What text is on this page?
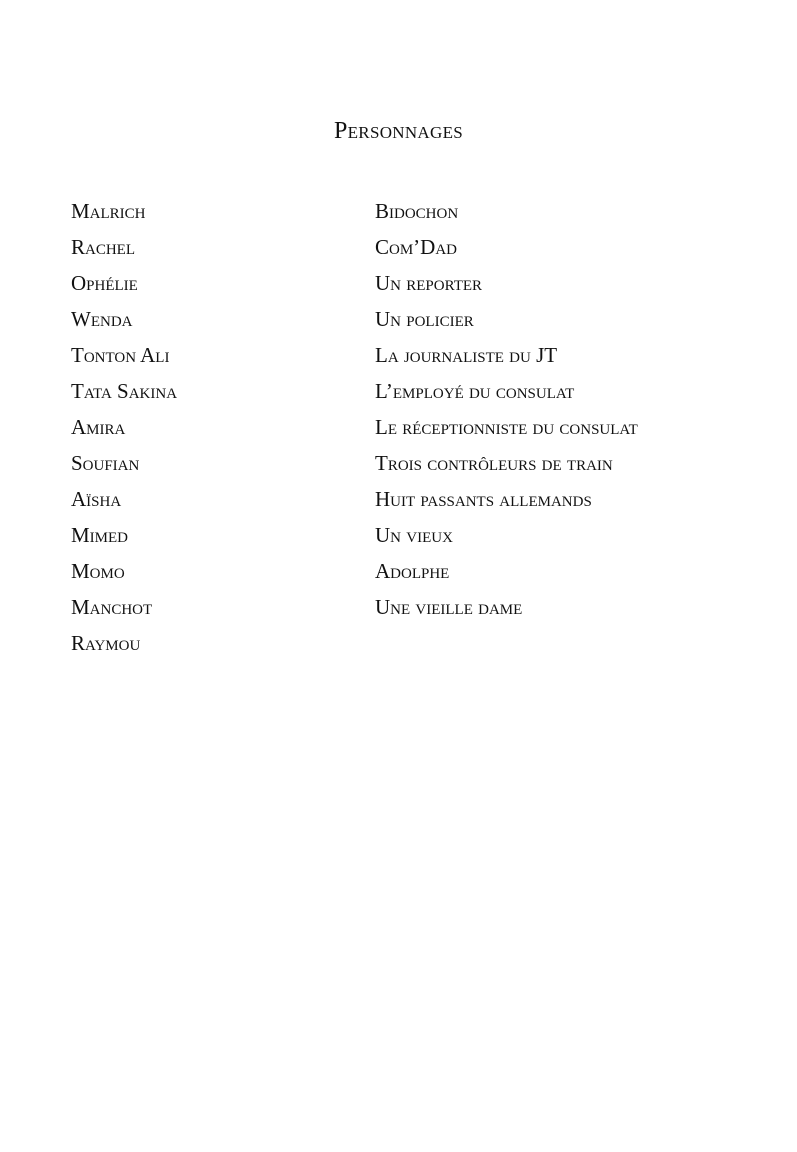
Personnages
Malrich
Rachel
Ophélie
Wenda
Tonton Ali
Tata Sakina
Amira
Soufian
Aïsha
Mimed
Momo
Manchot
Raymou
Bidochon
Com’Dad
Un reporter
Un policier
La journaliste du JT
L’employé du consulat
Le réceptionniste du consulat
Trois contrôleurs de train
Huit passants allemands
Un vieux
Adolphe
Une vieille dame
